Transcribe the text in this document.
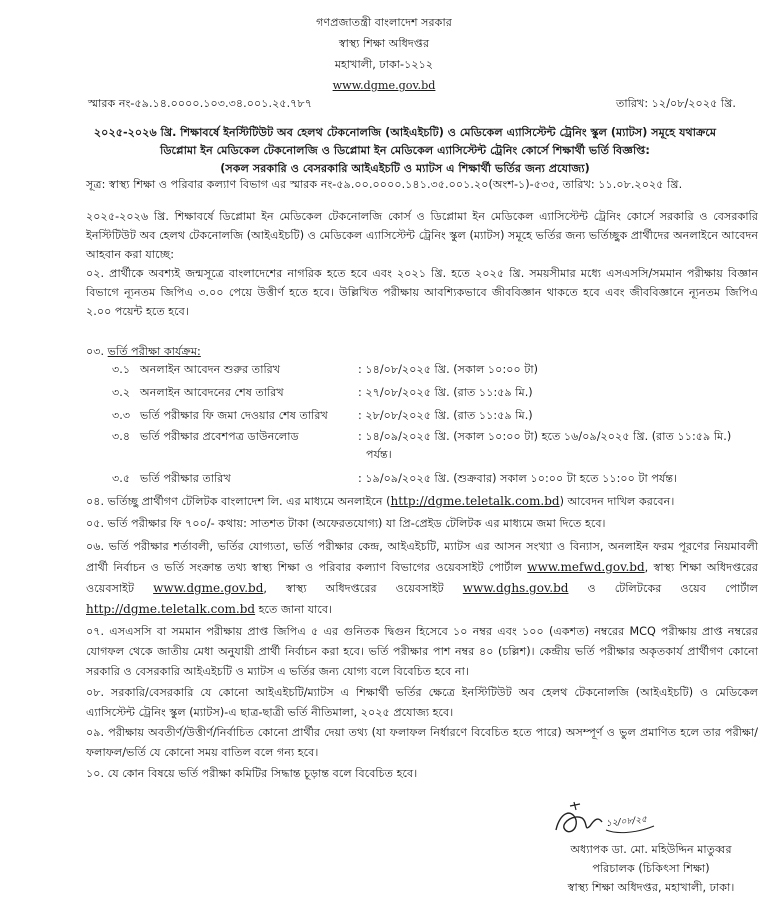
গণপ্রজাতন্ত্রী বাংলাদেশ সরকার
স্বাস্থ্য শিক্ষা অধিদপ্তর
মহাখালী, ঢাকা-১২১২
www.dgme.gov.bd
স্মারক নং-৫৯.১৪.০০০০.১০৩.৩৪.০০১.২৫.৭৮৭	তারিখ: ১২/০৮/২০২৫ খ্রি.
২০২৫-২০২৬ খ্রি. শিক্ষাবর্ষে ইনস্টিটিউট অব হেলথ টেকনোলজি (আইএইচটি) ও মেডিকেল এ্যাসিস্টেন্ট ট্রেনিং স্কুল (ম্যাটস) সমূহে যথাক্রমে
ডিপ্লোমা ইন মেডিকেল টেকনোলজি ও ডিপ্লোমা ইন মেডিকেল এ্যাসিস্টেন্ট ট্রেনিং কোর্সে শিক্ষার্থী ভর্তি বিজ্ঞপ্তি:
(সকল সরকারি ও বেসরকারি আইএইচটি ও ম্যাটস এ শিক্ষার্থী ভর্তির জন্য প্রযোজ্য)
সূত্র: স্বাস্থ্য শিক্ষা ও পরিবার কল্যাণ বিভাগ এর স্মারক নং-৫৯.০০.০০০০.১৪১.৩৫.০০১.২০(অংশ-১)-৫৩৫, তারিখ: ১১.০৮.২০২৫ খ্রি.
২০২৫-২০২৬ খ্রি. শিক্ষাবর্ষে ডিপ্লোমা ইন মেডিকেল টেকনোলজি কোর্স ও ডিপ্লোমা ইন মেডিকেল এ্যাসিস্টেন্ট ট্রেনিং কোর্সে সরকারি ও বেসরকারি ইনস্টিটিউট অব হেলথ টেকনোলজি (আইএইচটি) ও মেডিকেল এ্যাসিস্টেন্ট ট্রেনিং স্কুল (ম্যাটস) সমূহে ভর্তির জন্য ভর্তিচ্ছুক প্রার্থীদের অনলাইনে আবেদন আহবান করা যাচ্ছে:
০২. প্রার্থীকে অবশ্যই জন্মসূত্রে বাংলাদেশের নাগরিক হতে হবে এবং ২০২১ খ্রি. হতে ২০২৫ খ্রি. সময়সীমার মধ্যে এসএসসি/সমমান পরীক্ষায় বিজ্ঞান বিভাগে ন্যূনতম জিপিএ ৩.০০ পেয়ে উত্তীর্ণ হতে হবে। উল্লিখিত পরীক্ষায় আবশ্যিকভাবে জীববিজ্ঞান থাকতে হবে এবং জীববিজ্ঞানে ন্যূনতম জিপিএ ২.০০ পয়েন্ট হতে হবে।
০৩. ভর্তি পরীক্ষা কার্যক্রম:
৩.১ অনলাইন আবেদন শুরুর তারিখ	: ১৪/০৮/২০২৫ খ্রি. (সকাল ১০:০০ টা)
৩.২ অনলাইন আবেদনের শেষ তারিখ	: ২৭/০৮/২০২৫ খ্রি. (রাত ১১:৫৯ মি.)
৩.৩ ভর্তি পরীক্ষার ফি জমা দেওয়ার শেষ তারিখ	: ২৮/০৮/২০২৫ খ্রি. (রাত ১১:৫৯ মি.)
৩.৪ ভর্তি পরীক্ষার প্রবেশপত্র ডাউনলোড	: ১৪/০৯/২০২৫ খ্রি. (সকাল ১০:০০ টা) হতে ১৬/০৯/২০২৫ খ্রি. (রাত ১১:৫৯ মি.)
পর্যন্ত।
৩.৫ ভর্তি পরীক্ষার তারিখ	: ১৯/০৯/২০২৫ খ্রি. (শুক্রবার) সকাল ১০:০০ টা হতে ১১:০০ টা পর্যন্ত।
০৪. ভর্তিচ্ছু প্রার্থীগণ টেলিটক বাংলাদেশ লি. এর মাধ্যমে অনলাইনে (http://dgme.teletalk.com.bd) আবেদন দাখিল করবেন।
০৫. ভর্তি পরীক্ষার ফি ৭০০/- কথায়: সাতশত টাকা (অফেরতযোগ্য) যা প্রি-প্রেইড টেলিটক এর মাধ্যমে জমা দিতে হবে।
০৬. ভর্তি পরীক্ষার শর্তাবলী, ভর্তির যোগ্যতা, ভর্তি পরীক্ষার কেন্দ্র, আইএইচটি, ম্যাটস এর আসন সংখ্যা ও বিন্যাস, অনলাইন ফরম পূরণের নিয়মাবলী প্রার্থী নির্বাচন ও ভর্তি সংক্রান্ত তথ্য স্বাস্থ্য শিক্ষা ও পরিবার কল্যাণ বিভাগের ওয়েবসাইট পোর্টাল www.mefwd.gov.bd, স্বাস্থ্য শিক্ষা অধিদপ্তরের ওয়েবসাইট www.dgme.gov.bd, স্বাস্থ্য অধিদপ্তরের ওয়েবসাইট www.dghs.gov.bd ও টেলিটকের ওয়েব পোর্টাল http://dgme.teletalk.com.bd হতে জানা যাবে।
০৭. এসএসসি বা সমমান পরীক্ষায় প্রাপ্ত জিপিএ ৫ এর গুনিতক দ্বিগুন হিসেবে ১০ নম্বর এবং ১০০ (একশত) নম্বরের MCQ পরীক্ষায় প্রাপ্ত নম্বরের যোগফল থেকে জাতীয় মেধা অনুযায়ী প্রার্থী নির্বাচন করা হবে। ভর্তি পরীক্ষার পাশ নম্বর ৪০ (চল্লিশ)। কেন্দ্রীয় ভর্তি পরীক্ষার অকৃতকার্য প্রার্থীগণ কোনো সরকারি ও বেসরকারি আইএইচটি ও ম্যাটস এ ভর্তির জন্য যোগ্য বলে বিবেচিত হবে না।
০৮. সরকারি/বেসরকারি যে কোনো আইএইচটি/ম্যাটস এ শিক্ষার্থী ভর্তির ক্ষেত্রে ইনস্টিটিউট অব হেলথ টেকনোলজি (আইএইচটি) ও মেডিকেল এ্যাসিস্টেন্ট ট্রেনিং স্কুল (ম্যাটস)-এ ছাত্র-ছাত্রী ভর্তি নীতিমালা, ২০২৫ প্রযোজ্য হবে।
০৯. পরীক্ষায় অবতীর্ণ/উত্তীর্ণ/নির্বাচিত কোনো প্রার্থীর দেয়া তথ্য (যা ফলাফল নির্ধারণে বিবেচিত হতে পারে) অসম্পূর্ণ ও ভুল প্রমাণিত হলে তার পরীক্ষা/ফলাফল/ভর্তি যে কোনো সময় বাতিল বলে গন্য হবে।
১০. যে কোন বিষয়ে ভর্তি পরীক্ষা কমিটির সিদ্ধান্ত চূড়ান্ত বলে বিবেচিত হবে।
১২/০৮/২৫
অধ্যাপক ডা. মো. মহিউদ্দিন মাতুব্বর
পরিচালক (চিকিৎসা শিক্ষা)
স্বাস্থ্য শিক্ষা অধিদপ্তর, মহাখালী, ঢাকা।
